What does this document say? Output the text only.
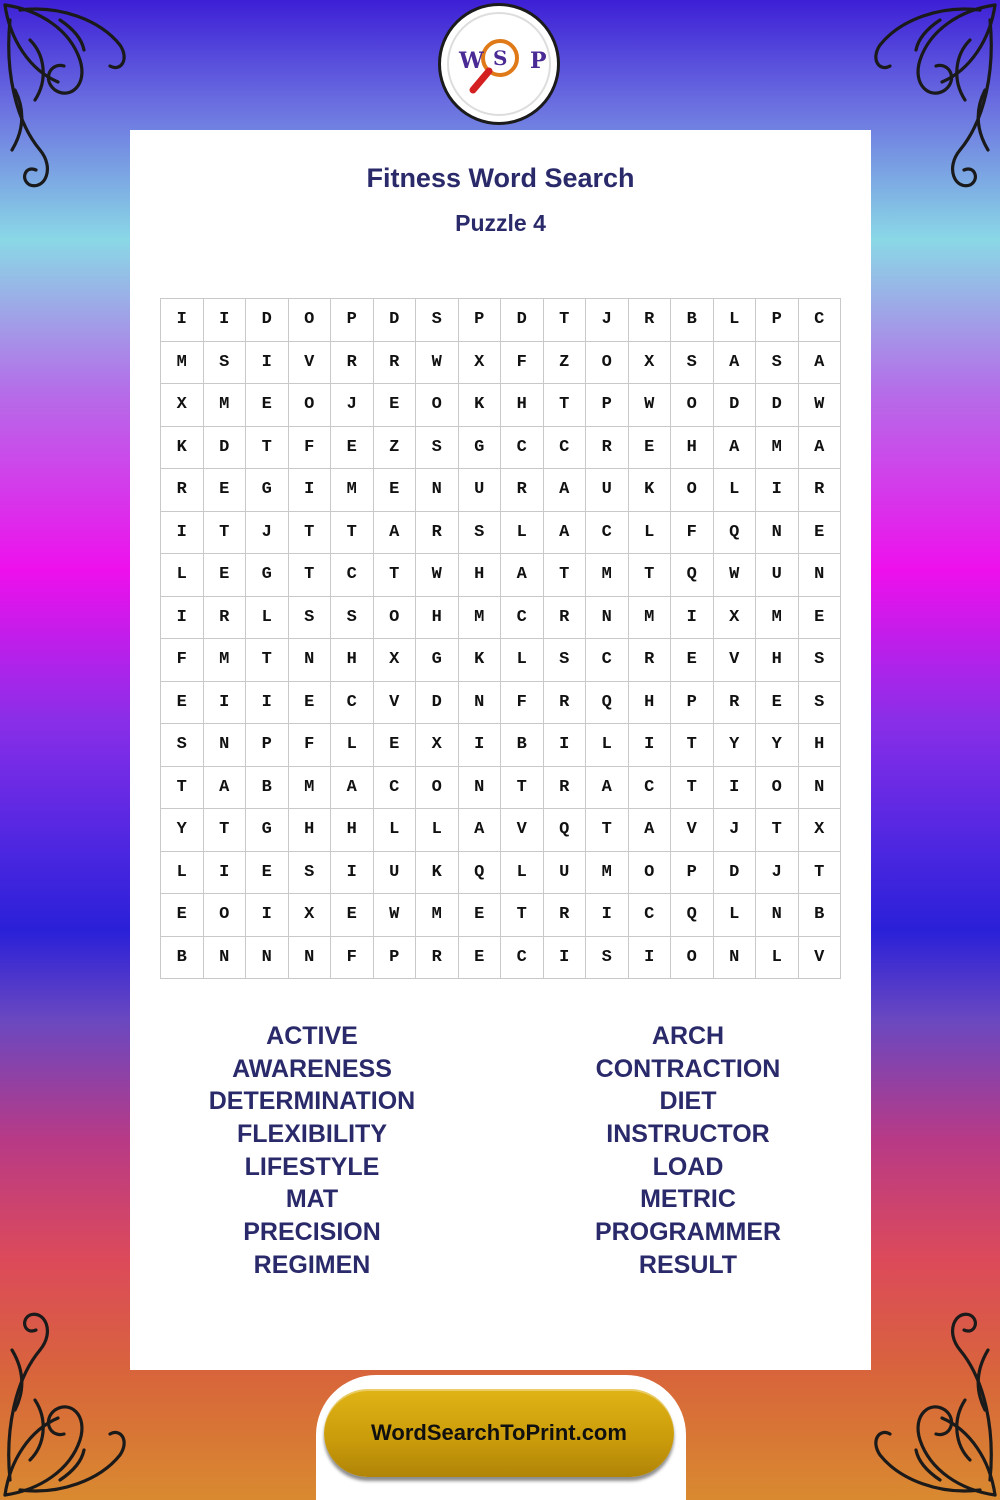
W S P
Fitness Word Search
Puzzle 4
I	I	D	O	P	D	S	P	D	T	J	R	B	L	P	C
M	S	I	V	R	R	W	X	F	Z	O	X	S	A	S	A
X	M	E	O	J	E	O	K	H	T	P	W	O	D	D	W
K	D	T	F	E	Z	S	G	C	C	R	E	H	A	M	A
R	E	G	I	M	E	N	U	R	A	U	K	O	L	I	R
I	T	J	T	T	A	R	S	L	A	C	L	F	Q	N	E
L	E	G	T	C	T	W	H	A	T	M	T	Q	W	U	N
I	R	L	S	S	O	H	M	C	R	N	M	I	X	M	E
F	M	T	N	H	X	G	K	L	S	C	R	E	V	H	S
E	I	I	E	C	V	D	N	F	R	Q	H	P	R	E	S
S	N	P	F	L	E	X	I	B	I	L	I	T	Y	Y	H
T	A	B	M	A	C	O	N	T	R	A	C	T	I	O	N
Y	T	G	H	H	L	L	A	V	Q	T	A	V	J	T	X
L	I	E	S	I	U	K	Q	L	U	M	O	P	D	J	T
E	O	I	X	E	W	M	E	T	R	I	C	Q	L	N	B
B	N	N	N	F	P	R	E	C	I	S	I	O	N	L	V
ACTIVE
AWARENESS
DETERMINATION
FLEXIBILITY
LIFESTYLE
MAT
PRECISION
REGIMEN
ARCH
CONTRACTION
DIET
INSTRUCTOR
LOAD
METRIC
PROGRAMMER
RESULT
WordSearchToPrint.com
